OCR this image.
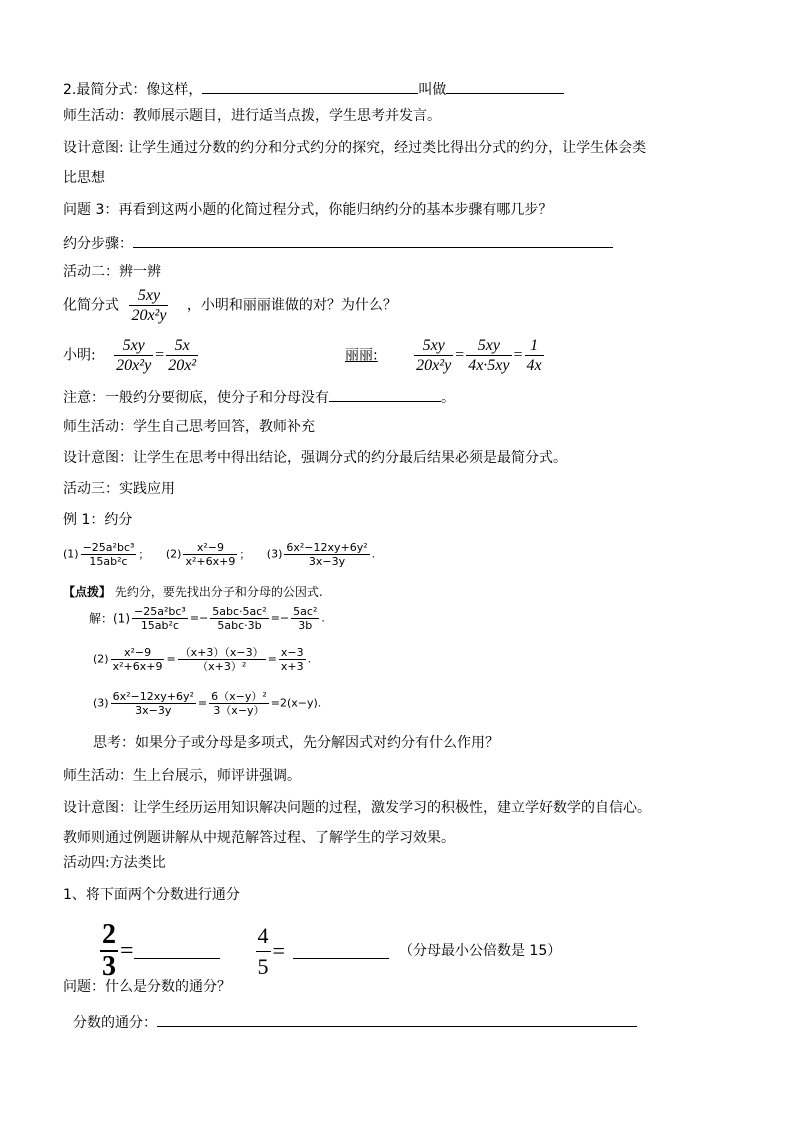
2.最简分式：像这样，	叫做
师生活动：教师展示题目，进行适当点拨，学生思考并发言。
设计意图: 让学生通过分数的约分和分式约分的探究，经过类比得出分式的约分，让学生体会类
比思想
问题 3：再看到这两小题的化简过程分式，你能归纳约分的基本步骤有哪几步？
约分步骤：
活动二：辨一辨
化简分式 $\frac{5xy}{\text{20x²y}}$ ，小明和丽丽谁做的对？为什么？
小明: $\frac{5xy}{\text{20x²y}} = \frac{5x}{\text{20x²}}$	丽丽: $\frac{5xy}{\text{20x²y}} = \frac{5xy}{4x\cdot 5xy} = \frac{1}{4x}$
注意：一般约分要彻底，使分子和分母没有	。
师生活动：学生自己思考回答，教师补充
设计意图：让学生在思考中得出结论，强调分式的约分最后结果必须是最简分式。
活动三：实践应用
例 1：约分
$(1) \frac{\text{−25a²bc³}}{\text{15ab²c}}$ ； $(2) \frac{\text{x²−9}}{\text{x²+6x+9}}$ ； $(3) \frac{\text{6x²−12xy+6y²}}{3x-3y}$ .
【点拨】 先约分，要先找出分子和分母的公因式.
解：$(1) \frac{\text{−25a²bc³}}{\text{15ab²c}} =- \frac{\text{5abc·5ac²}}{\text{5abc·3b}} =- \frac{\text{5ac²}}{3b}$ .
$(2) \frac{\text{x²−9}}{\text{x²+6x+9}} = \frac{(x+3)(x-3)}{\text{（x+3）²}} = \frac{x-3}{x+3}$ .
$(3) \frac{\text{6x²−12xy+6y²}}{3x-3y} = \frac{\text{6（x−y）²}}{3(x-y)} =2(x-y)$.
思考：如果分子或分母是多项式，先分解因式对约分有什么作用？
师生活动：生上台展示，师评讲强调。
设计意图：让学生经历运用知识解决问题的过程，激发学习的积极性，建立学好数学的自信心。
教师则通过例题讲解从中规范解答过程、了解学生的学习效果。
活动四:方法类比
1、将下面两个分数进行通分
$\frac{2}{3}$ =	$\frac{4}{5}$ =	（分母最小公倍数是 15）
问题：什么是分数的通分？
分数的通分：
